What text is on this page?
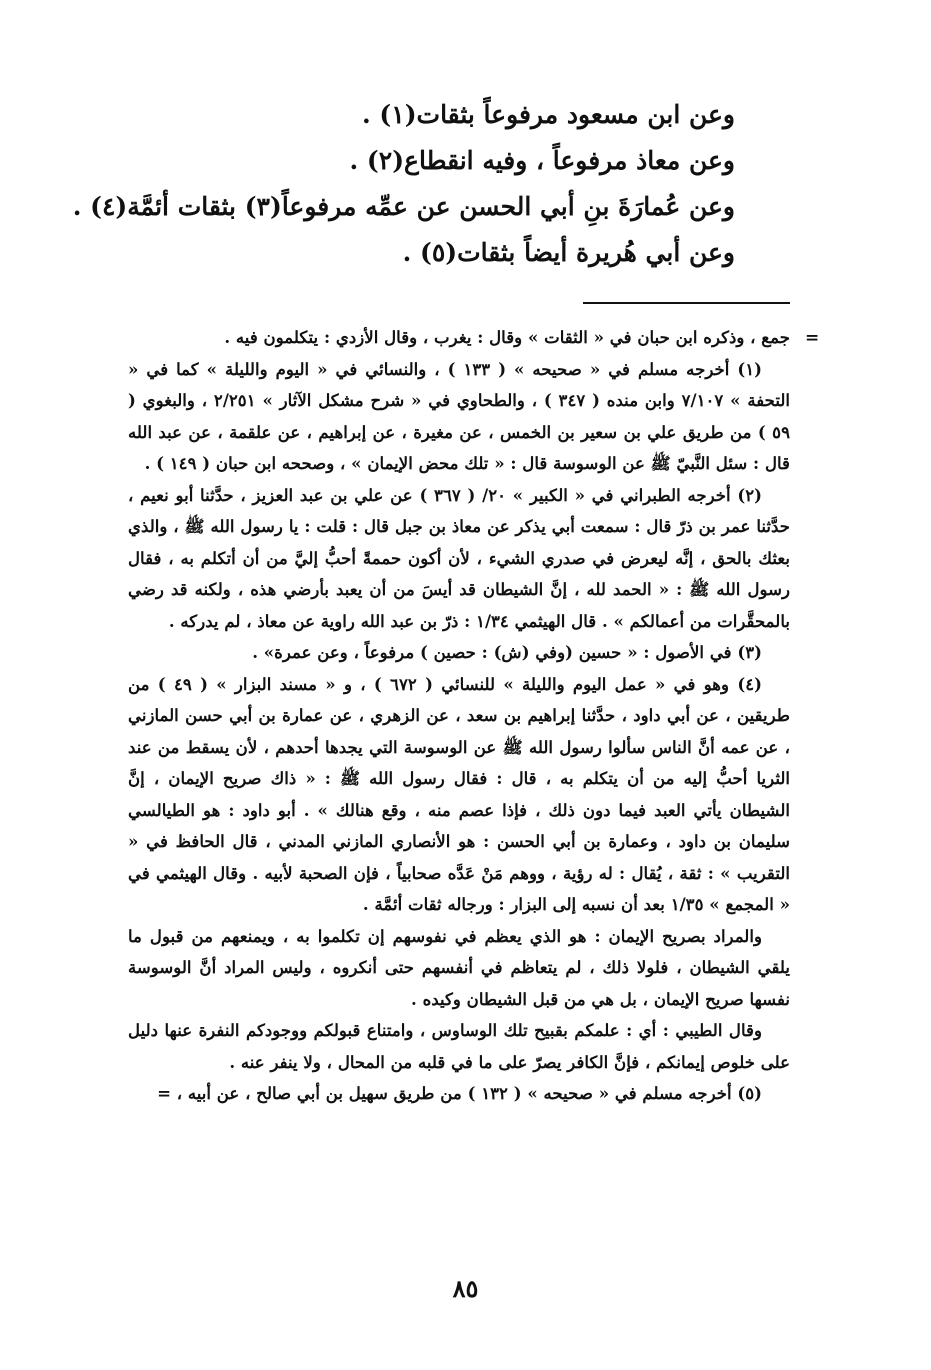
وعن ابن مسعود مرفوعاً بثقات(١) .

وعن معاذ مرفوعاً ، وفيه انقطاع(٢) .

وعن عُمارَةَ بنِ أبي الحسن عن عمِّه مرفوعاً(٣) بثقات أئمَّة(٤) .

وعن أبي هُريرة أيضاً بثقات(٥) .

=

جمع ، وذكره ابن حبان في « الثقات » وقال : يغرب ، وقال الأزدي : يتكلمون فيه .

(١) أخرجه مسلم في « صحيحه » ( ١٣٣ ) ، والنسائي في « اليوم والليلة » كما في « التحفة » ٧/١٠٧ وابن منده ( ٣٤٧ ) ، والطحاوي في « شرح مشكل الآثار » ٢/٢٥١ ، والبغوي ( ٥٩ ) من طريق علي بن سعير بن الخمس ، عن مغيرة ، عن إبراهيم ، عن علقمة ، عن عبد الله قال : سئل النَّبيّ ﷺ عن الوسوسة قال : « تلك محض الإيمان » ، وصححه ابن حبان ( ١٤٩ ) .

(٢) أخرجه الطبراني في « الكبير » ٢٠/ ( ٣٦٧ ) عن علي بن عبد العزيز ، حدَّثنا أبو نعيم ، حدَّثنا عمر بن ذرّ قال : سمعت أبي يذكر عن معاذ بن جبل قال : قلت : يا رسول الله ﷺ ، والذي بعثك بالحق ، إنَّه ليعرض في صدري الشيء ، لأن أكون حممةً أحبُّ إليَّ من أن أتكلم به ، فقال رسول الله ﷺ : « الحمد لله ، إنَّ الشيطان قد أيسَ من أن يعبد بأرضي هذه ، ولكنه قد رضي بالمحقَّرات من أعمالكم » . قال الهيثمي ١/٣٤ : ذرّ بن عبد الله راوية عن معاذ ، لم يدركه .

(٣) في الأصول : « حسين (وفي (ش) : حصين ) مرفوعاً ، وعن عمرة» .

(٤) وهو في « عمل اليوم والليلة » للنسائي ( ٦٧٢ ) ، و « مسند البزار » ( ٤٩ ) من طريقين ، عن أبي داود ، حدَّثنا إبراهيم بن سعد ، عن الزهري ، عن عمارة بن أبي حسن المازني ، عن عمه أنَّ الناس سألوا رسول الله ﷺ عن الوسوسة التي يجدها أحدهم ، لأن يسقط من عند الثريا أحبُّ إليه من أن يتكلم به ، قال : فقال رسول الله ﷺ : « ذاك صريح الإيمان ، إنَّ الشيطان يأتي العبد فيما دون ذلك ، فإذا عصم منه ، وقع هنالك » . أبو داود : هو الطيالسي سليمان بن داود ، وعمارة بن أبي الحسن : هو الأنصاري المازني المدني ، قال الحافظ في « التقريب » : ثقة ، يُقال : له رؤية ، ووهم مَنْ عَدَّه صحابياً ، فإن الصحبة لأبيه . وقال الهيثمي في « المجمع » ١/٣٥ بعد أن نسبه إلى البزار : ورجاله ثقات أئمَّة .

والمراد بصريح الإيمان : هو الذي يعظم في نفوسهم إن تكلموا به ، ويمنعهم من قبول ما يلقي الشيطان ، فلولا ذلك ، لم يتعاظم في أنفسهم حتى أنكروه ، وليس المراد أنَّ الوسوسة نفسها صريح الإيمان ، بل هي من قبل الشيطان وكيده .

وقال الطيبي : أي : علمكم بقبيح تلك الوساوس ، وامتناع قبولكم ووجودكم النفرة عنها دليل على خلوص إيمانكم ، فإنَّ الكافر يصرّ على ما في قلبه من المحال ، ولا ينفر عنه .

(٥) أخرجه مسلم في « صحيحه » ( ١٣٢ ) من طريق سهيل بن أبي صالح ، عن أبيه ، =

٨٥
